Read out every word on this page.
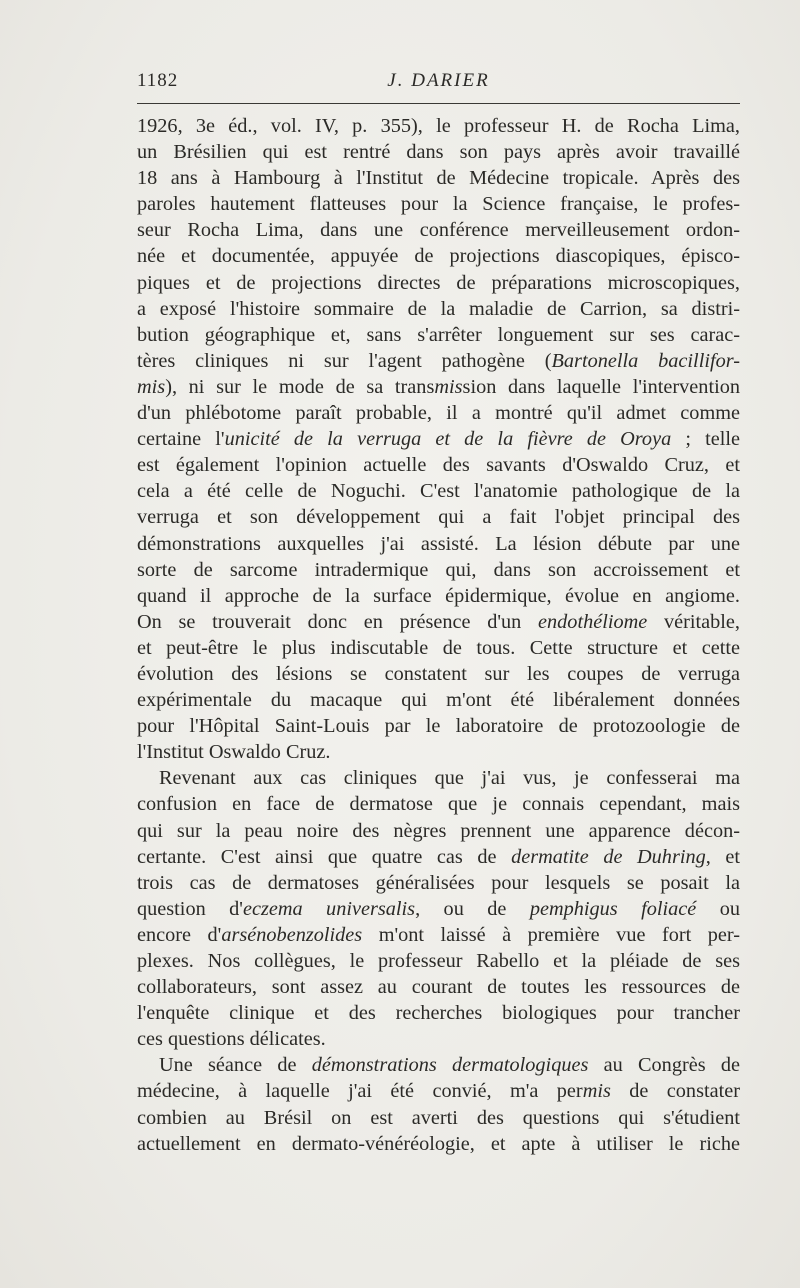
1182	J. DARIER

1926, 3e éd., vol. IV, p. 355), le professeur H. de Rocha Lima,
un Brésilien qui est rentré dans son pays après avoir travaillé
18 ans à Hambourg à l'Institut de Médecine tropicale. Après des
paroles hautement flatteuses pour la Science française, le profes-
seur Rocha Lima, dans une conférence merveilleusement ordon-
née et documentée, appuyée de projections diascopiques, épisco-
piques et de projections directes de préparations microscopiques,
a exposé l'histoire sommaire de la maladie de Carrion, sa distri-
bution géographique et, sans s'arrêter longuement sur ses carac-
tères cliniques ni sur l'agent pathogène (Bartonella bacillifor-
mis), ni sur le mode de sa transmission dans laquelle l'intervention
d'un phlébotome paraît probable, il a montré qu'il admet comme
certaine l'unicité de la verruga et de la fièvre de Oroya ; telle
est également l'opinion actuelle des savants d'Oswaldo Cruz, et
cela a été celle de Noguchi. C'est l'anatomie pathologique de la
verruga et son développement qui a fait l'objet principal des
démonstrations auxquelles j'ai assisté. La lésion débute par une
sorte de sarcome intradermique qui, dans son accroissement et
quand il approche de la surface épidermique, évolue en angiome.
On se trouverait donc en présence d'un endothéliome véritable,
et peut-être le plus indiscutable de tous. Cette structure et cette
évolution des lésions se constatent sur les coupes de verruga
expérimentale du macaque qui m'ont été libéralement données
pour l'Hôpital Saint-Louis par le laboratoire de protozoologie de
l'Institut Oswaldo Cruz.

Revenant aux cas cliniques que j'ai vus, je confesserai ma
confusion en face de dermatose que je connais cependant, mais
qui sur la peau noire des nègres prennent une apparence décon-
certante. C'est ainsi que quatre cas de dermatite de Duhring, et
trois cas de dermatoses généralisées pour lesquels se posait la
question d'eczema universalis, ou de pemphigus foliacé ou
encore d'arsénobenzolides m'ont laissé à première vue fort per-
plexes. Nos collègues, le professeur Rabello et la pléiade de ses
collaborateurs, sont assez au courant de toutes les ressources de
l'enquête clinique et des recherches biologiques pour trancher
ces questions délicates.

Une séance de démonstrations dermatologiques au Congrès de
médecine, à laquelle j'ai été convié, m'a permis de constater
combien au Brésil on est averti des questions qui s'étudient
actuellement en dermato-vénéréologie, et apte à utiliser le riche
